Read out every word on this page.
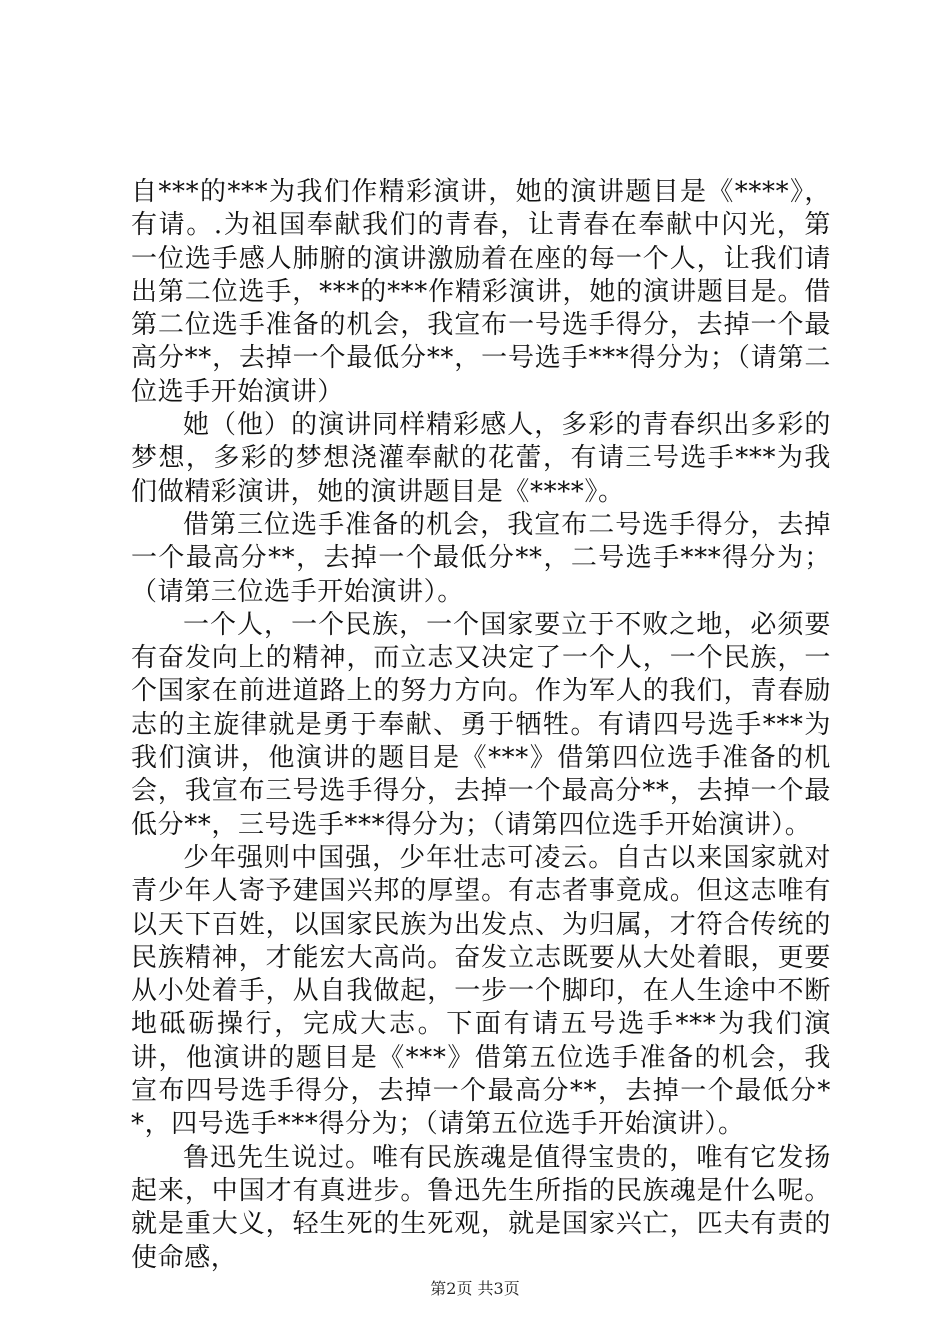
自***的***为我们作精彩演讲，她的演讲题目是《****》，有请。.为祖国奉献我们的青春，让青春在奉献中闪光，第一位选手感人肺腑的演讲激励着在座的每一个人，让我们请出第二位选手，***的***作精彩演讲，她的演讲题目是。借第二位选手准备的机会，我宣布一号选手得分，去掉一个最高分**，去掉一个最低分**，一号选手***得分为；（请第二位选手开始演讲）

她（他）的演讲同样精彩感人，多彩的青春织出多彩的梦想，多彩的梦想浇灌奉献的花蕾，有请三号选手***为我们做精彩演讲，她的演讲题目是《****》。

借第三位选手准备的机会，我宣布二号选手得分，去掉一个最高分**，去掉一个最低分**，二号选手***得分为；（请第三位选手开始演讲）。

一个人，一个民族，一个国家要立于不败之地，必须要有奋发向上的精神，而立志又决定了一个人，一个民族，一个国家在前进道路上的努力方向。作为军人的我们，青春励志的主旋律就是勇于奉献、勇于牺牲。有请四号选手***为我们演讲，他演讲的题目是《***》借第四位选手准备的机会，我宣布三号选手得分，去掉一个最高分**，去掉一个最低分**，三号选手***得分为；（请第四位选手开始演讲）。

少年强则中国强，少年壮志可凌云。自古以来国家就对青少年人寄予建国兴邦的厚望。有志者事竟成。但这志唯有以天下百姓，以国家民族为出发点、为归属，才符合传统的民族精神，才能宏大高尚。奋发立志既要从大处着眼，更要从小处着手，从自我做起，一步一个脚印，在人生途中不断地砥砺操行，完成大志。下面有请五号选手***为我们演讲，他演讲的题目是《***》借第五位选手准备的机会，我宣布四号选手得分，去掉一个最高分**，去掉一个最低分**，四号选手***得分为；（请第五位选手开始演讲）。

鲁迅先生说过。唯有民族魂是值得宝贵的，唯有它发扬起来，中国才有真进步。鲁迅先生所指的民族魂是什么呢。就是重大义，轻生死的生死观，就是国家兴亡，匹夫有责的使命感，

第2页 共3页
